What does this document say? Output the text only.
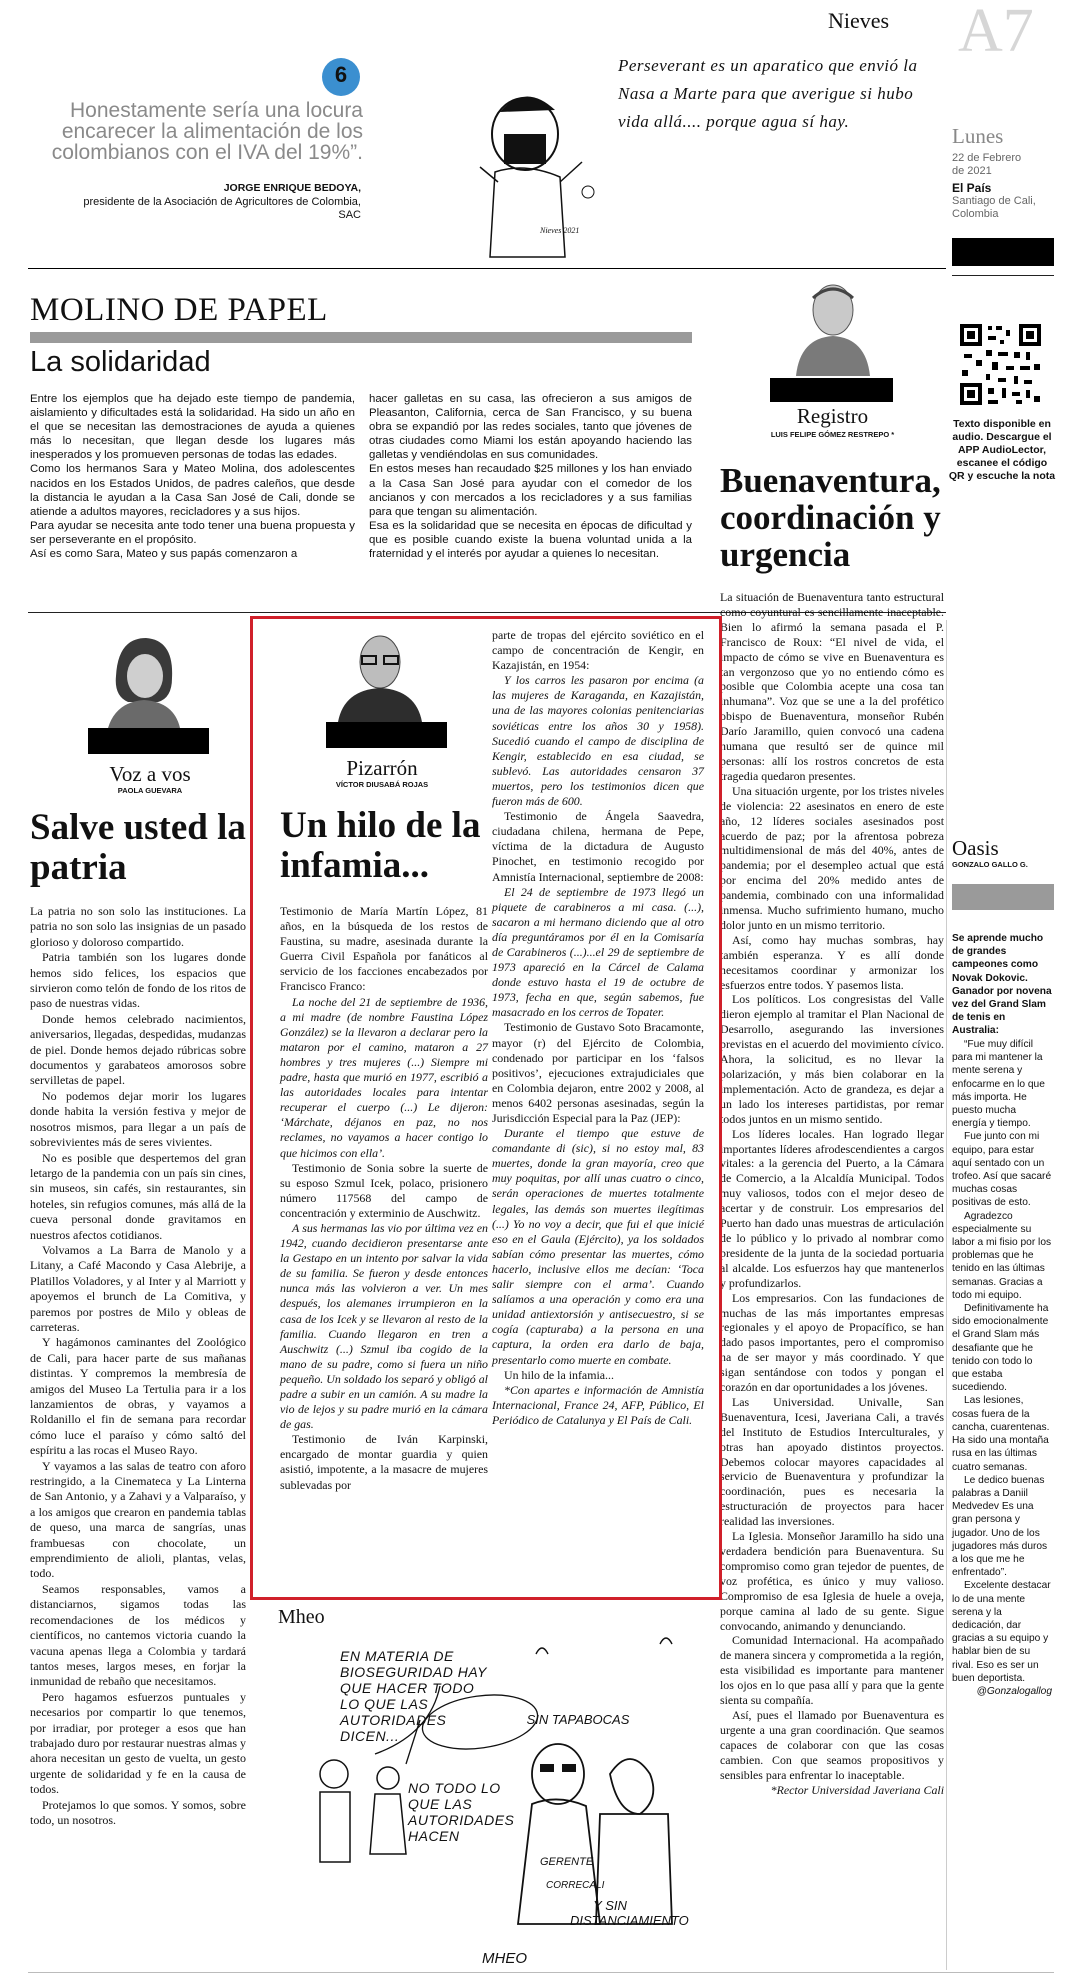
Nieves A7
6
Honestamente sería una locura encarecer la alimentación de los colombianos con el IVA del 19%”.
JORGE ENRIQUE BEDOYA,
presidente de la Asociación de Agricultores de Colombia, SAC
Perseverant es un aparatico que envió la Nasa a Marte para que averigue si hubo vida allá.... porque agua sí hay.
Nieves 2021
Lunes
22 de Febrero de 2021
El País
Santiago de Cali, Colombia
Texto disponible en audio. Descargue el APP AudioLector, escanee el código QR y escuche la nota
MOLINO DE PAPEL
La solidaridad
Entre los ejemplos que ha dejado este tiempo de pandemia, aislamiento y dificultades está la solidaridad. Ha sido un año en el que se necesitan las demostraciones de ayuda a quienes más lo necesitan, que llegan desde los lugares más inesperados y los promueven personas de todas las edades.
Como los hermanos Sara y Mateo Molina, dos adolescentes nacidos en los Estados Unidos, de padres caleños, que desde la distancia le ayudan a la Casa San José de Cali, donde se atiende a adultos mayores, recicladores y a sus hijos.
Para ayudar se necesita ante todo tener una buena propuesta y ser perseverante en el propósito.
Así es como Sara, Mateo y sus papás comenzaron a
hacer galletas en su casa, las ofrecieron a sus amigos de Pleasanton, California, cerca de San Francisco, y su buena obra se expandió por las redes sociales, tanto que jóvenes de otras ciudades como Miami los están apoyando haciendo las galletas y vendiéndolas en sus comunidades.
En estos meses han recaudado $25 millones y los han enviado a la Casa San José para ayudar con el comedor de los ancianos y con mercados a los recicladores y a sus familias para que tengan su alimentación.
Esa es la solidaridad que se necesita en épocas de dificultad y que es posible cuando existe la buena voluntad unida a la fraternidad y el interés por ayudar a quienes lo necesitan.
Registro
LUIS FELIPE GÓMEZ RESTREPO *
Buenaventura, coordinación y urgencia

La situación de Buenaventura tanto estructural como coyuntural es sencillamente inaceptable. Bien lo afirmó la semana pasada el P. Francisco de Roux: “El nivel de vida, el impacto de cómo se vive en Buenaventura es tan vergonzoso que yo no entiendo cómo es posible que Colombia acepte una cosa tan inhumana”. Voz que se une a la del profético obispo de Buenaventura, monseñor Rubén Darío Jaramillo, quien convocó una cadena humana que resultó ser de quince mil personas: allí los rostros concretos de esta tragedia quedaron presentes.

Una situación urgente, por los tristes niveles de violencia: 22 asesinatos en enero de este año, 12 líderes sociales asesinados post acuerdo de paz; por la afrentosa pobreza multidimensional de más del 40%, antes de pandemia; por el desempleo actual que está por encima del 20% medido antes de pandemia, combinado con una informalidad inmensa. Mucho sufrimiento humano, mucho dolor junto en un mismo territorio.

Así, como hay muchas sombras, hay también esperanza. Y es allí donde necesitamos coordinar y armonizar los esfuerzos entre todos. Y pasemos lista.

Los políticos. Los congresistas del Valle dieron ejemplo al tramitar el Plan Nacional de Desarrollo, asegurando las inversiones previstas en el acuerdo del movimiento cívico. Ahora, la solicitud, es no llevar la polarización, y más bien colaborar en la implementación. Acto de grandeza, es dejar a un lado los intereses partidistas, por remar todos juntos en un mismo sentido.

Los líderes locales. Han logrado llegar importantes líderes afrodescendientes a cargos vitales: a la gerencia del Puerto, a la Cámara de Comercio, a la Alcaldía Municipal. Todos muy valiosos, todos con el mejor deseo de acertar y de construir. Los empresarios del Puerto han dado unas muestras de articulación de lo público y lo privado al nombrar como presidente de la junta de la sociedad portuaria al alcalde. Los esfuerzos hay que mantenerlos y profundizarlos.

Los empresarios. Con las fundaciones de muchas de las más importantes empresas regionales y el apoyo de Propacífico, se han dado pasos importantes, pero el compromiso ha de ser mayor y más coordinado. Y que sigan sentándose con todos y pongan el corazón en dar oportunidades a los jóvenes.

Las Universidad. Univalle, San Buenaventura, Icesi, Javeriana Cali, a través del Instituto de Estudios Interculturales, y otras han apoyado distintos proyectos. Debemos colocar mayores capacidades al servicio de Buenaventura y profundizar la coordinación, pues es necesaria la estructuración de proyectos para hacer realidad las inversiones.

La Iglesia. Monseñor Jaramillo ha sido una verdadera bendición para Buenaventura. Su compromiso como gran tejedor de puentes, de voz profética, es único y muy valioso. Compromiso de esa Iglesia de huele a oveja, porque camina al lado de su gente. Sigue convocando, animando y denunciando.

Comunidad Internacional. Ha acompañado de manera sincera y comprometida a la región, esta visibilidad es importante para mantener los ojos en lo que pasa allí y para que la gente sienta su compañía.

Así, pues el llamado por Buenaventura es urgente a una gran coordinación. Que seamos capaces de colaborar con que las cosas cambien. Con que seamos propositivos y sensibles para enfrentar lo inaceptable.

*Rector Universidad Javeriana Cali

Voz a vos
PAOLA GUEVARA
Salve usted la patria

La patria no son solo las instituciones. La patria no son solo las insignias de un pasado glorioso y doloroso compartido.

Patria también son los lugares donde hemos sido felices, los espacios que sirvieron como telón de fondo de los ritos de paso de nuestras vidas.

Donde hemos celebrado nacimientos, aniversarios, llegadas, despedidas, mudanzas de piel. Donde hemos dejado rúbricas sobre documentos y garabateos amorosos sobre servilletas de papel.

No podemos dejar morir los lugares donde habita la versión festiva y mejor de nosotros mismos, para llegar a un país de sobrevivientes más de seres vivientes.

No es posible que despertemos del gran letargo de la pandemia con un país sin cines, sin museos, sin cafés, sin restaurantes, sin hoteles, sin refugios comunes, más allá de la cueva personal donde gravitamos en nuestros afectos cotidianos.

Volvamos a La Barra de Manolo y a Litany, a Café Macondo y Casa Alebrije, a Platillos Voladores, y al Inter y al Marriott y apoyemos el brunch de La Comitiva, y paremos por postres de Milo y obleas de carreteras.

Y hagámonos caminantes del Zoológico de Cali, para hacer parte de sus mañanas distintas. Y compremos la membresía de amigos del Museo La Tertulia para ir a los lanzamientos de obras, y vayamos a Roldanillo el fin de semana para recordar cómo luce el paraíso y cómo saltó del espíritu a las rocas el Museo Rayo.

Y vayamos a las salas de teatro con aforo restringido, a la Cinemateca y La Linterna de San Antonio, y a Zahavi y a Valparaíso, y a los amigos que crearon en pandemia tablas de queso, una marca de sangrías, unas frambuesas con chocolate, un emprendimiento de alioli, plantas, velas, todo.

Seamos responsables, vamos a distanciarnos, sigamos todas las recomendaciones de los médicos y científicos, no cantemos victoria cuando la vacuna apenas llega a Colombia y tardará tantos meses, largos meses, en forjar la inmunidad de rebaño que necesitamos.

Pero hagamos esfuerzos puntuales y necesarios por compartir lo que tenemos, por irradiar, por proteger a esos que han trabajado duro por restaurar nuestras almas y ahora necesitan un gesto de vuelta, un gesto urgente de solidaridad y fe en la causa de todos.

Protejamos lo que somos. Y somos, sobre todo, un nosotros.

Pizarrón
VÍCTOR DIUSABÁ ROJAS
Un hilo de la infamia...

Testimonio de María Martín López, 81 años, en la búsqueda de los restos de Faustina, su madre, asesinada durante la Guerra Civil Española por fanáticos al servicio de los facciones encabezados por Francisco Franco:

La noche del 21 de septiembre de 1936, a mi madre (de nombre Faustina López González) se la llevaron a declarar pero la mataron por el camino, mataron a 27 hombres y tres mujeres (...) Siempre mi padre, hasta que murió en 1977, escribió a las autoridades locales para intentar recuperar el cuerpo (...) Le dijeron: ‘Márchate, déjanos en paz, no nos reclames, no vayamos a hacer contigo lo que hicimos con ella’.

Testimonio de Sonia sobre la suerte de su esposo Szmul Icek, polaco, prisionero número 117568 del campo de concentración y exterminio de Auschwitz.

A sus hermanas las vio por última vez en 1942, cuando decidieron presentarse ante la Gestapo en un intento por salvar la vida de su familia. Se fueron y desde entonces nunca más las volvieron a ver. Un mes después, los alemanes irrumpieron en la casa de los Icek y se llevaron al resto de la familia. Cuando llegaron en tren a Auschwitz (...) Szmul iba cogido de la mano de su padre, como si fuera un niño pequeño. Un soldado los separó y obligó al padre a subir en un camión. A su madre la vio de lejos y su padre murió en la cámara de gas.

Testimonio de Iván Karpinski, encargado de montar guardia y quien asistió, impotente, a la masacre de mujeres sublevadas por

parte de tropas del ejército soviético en el campo de concentración de Kengir, en Kazajistán, en 1954:

Y los carros les pasaron por encima (a las mujeres de Karaganda, en Kazajistán, una de las mayores colonias penitenciarias soviéticas entre los años 30 y 1958). Sucedió cuando el campo de disciplina de Kengir, establecido en esa ciudad, se sublevó. Las autoridades censaron 37 muertos, pero los testimonios dicen que fueron más de 600.

Testimonio de Ángela Saavedra, ciudadana chilena, hermana de Pepe, víctima de la dictadura de Augusto Pinochet, en testimonio recogido por Amnistía Internacional, septiembre de 2008:

El 24 de septiembre de 1973 llegó un piquete de carabineros a mi casa. (...), sacaron a mi hermano diciendo que al otro día preguntáramos por él en la Comisaría de Carabineros (...)...el 29 de septiembre de 1973 apareció en la Cárcel de Calama donde estuvo hasta el 19 de octubre de 1973, fecha en que, según sabemos, fue masacrado en los cerros de Topater.

Testimonio de Gustavo Soto Bracamonte, mayor (r) del Ejército de Colombia, condenado por participar en los ‘falsos positivos’, ejecuciones extrajudiciales que en Colombia dejaron, entre 2002 y 2008, al menos 6402 personas asesinadas, según la Jurisdicción Especial para la Paz (JEP):

Durante el tiempo que estuve de comandante di (sic), si no estoy mal, 83 muertes, donde la gran mayoría, creo que muy poquitas, por allí unas cuatro o cinco, serán operaciones de muertes totalmente legales, las demás son muertes ilegítimas (...) Yo no voy a decir, que fui el que inicié eso en el Gaula (Ejército), ya los soldados sabían cómo presentar las muertes, cómo hacerlo, inclusive ellos me decían: ‘Toca salir siempre con el arma’. Cuando salíamos a una operación y como era una unidad antiextorsión y antisecuestro, si se cogía (capturaba) a la persona en una captura, la orden era darlo de baja, presentarlo como muerte en combate.

Un hilo de la infamia...

*Con apartes e información de Amnistía Internacional, France 24, AFP, Público, El Periódico de Catalunya y El País de Cali.

Mheo
EN MATERIA DE BIOSEGURIDAD HAY QUE HACER TODO LO QUE LAS AUTORIDADES DICEN...
NO TODO LO QUE LAS AUTORIDADES HACEN
SIN TAPABOCAS
GERENTE
CORRECALI
Y SIN DISTANCIAMIENTO
MHEO
Oasis
GONZALO GALLO G.
Se aprende mucho de grandes campeones como Novak Dokovic. Ganador por novena vez del Grand Slam de tenis en Australia:

“Fue muy difícil para mi mantener la mente serena y enfocarme en lo que más importa. He puesto mucha energía y tiempo.

Fue junto con mi equipo, para estar aquí sentado con un trofeo. Así que sacaré muchas cosas positivas de esto.

Agradezco especialmente su labor a mi fisio por los problemas que he tenido en las últimas semanas. Gracias a todo mi equipo.

Definitivamente ha sido emocionalmente el Grand Slam más desafiante que he tenido con todo lo que estaba sucediendo.

Las lesiones, cosas fuera de la cancha, cuarentenas. Ha sido una montaña rusa en las últimas cuatro semanas.

Le dedico buenas palabras a Daniil Medvedev Es una gran persona y jugador. Uno de los jugadores más duros a los que me he enfrentado”.

Excelente destacar lo de una mente serena y la dedicación, dar gracias a su equipo y hablar bien de su rival. Eso es ser un buen deportista.

@Gonzalogallog
